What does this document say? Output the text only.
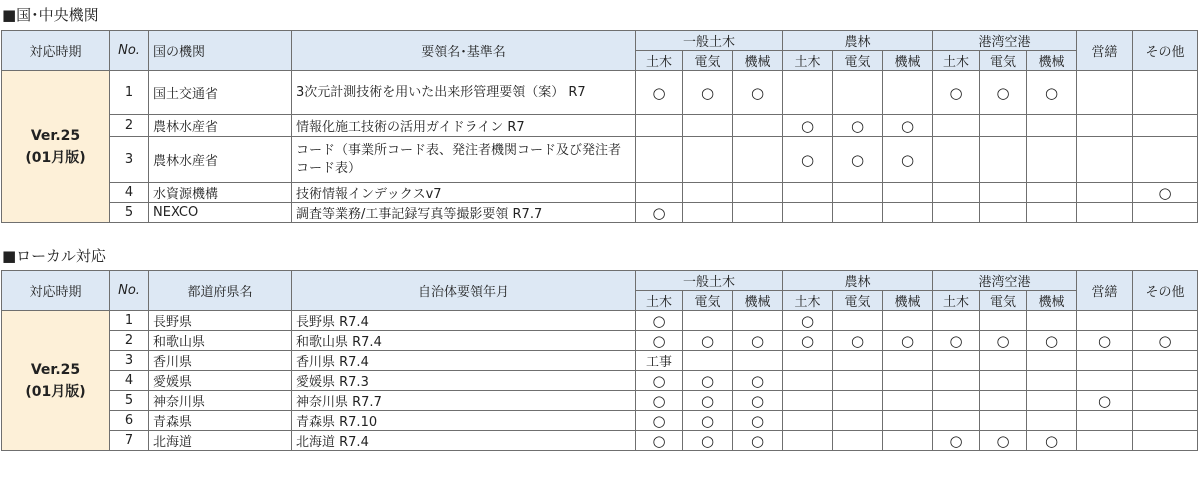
■国･中央機関
対応時期	No.	国の機関	要領名･基準名	一般土木			農林			港湾空港			営繕	その他
				土木	電気	機械	土木	電気	機械	土木	電気	機械		
Ver.25
(01月版)	1	国土交通省	3次元計測技術を用いた出来形管理要領（案） R7	○	○	○				○	○	○		
	2	農林水産省	情報化施工技術の活用ガイドライン R7				○	○	○					
	3	農林水産省	コード（事業所コード表、発注者機関コード及び発注者コード表）				○	○	○					
	4	水資源機構	技術情報インデックスv7											○
	5	NEXCO	調査等業務/工事記録写真等撮影要領 R7.7	○										
■ローカル対応
対応時期	No.	都道府県名	自治体要領年月	一般土木			農林			港湾空港			営繕	その他
				土木	電気	機械	土木	電気	機械	土木	電気	機械		
Ver.25
(01月版)	1	長野県	長野県 R7.4	○			○							
	2	和歌山県	和歌山県 R7.4	○	○	○	○	○	○	○	○	○	○	○
	3	香川県	香川県 R7.4	工事										
	4	愛媛県	愛媛県 R7.3	○	○	○								
	5	神奈川県	神奈川県 R7.7	○	○	○							○	
	6	青森県	青森県 R7.10	○	○	○								
	7	北海道	北海道 R7.4	○	○	○				○	○	○		
